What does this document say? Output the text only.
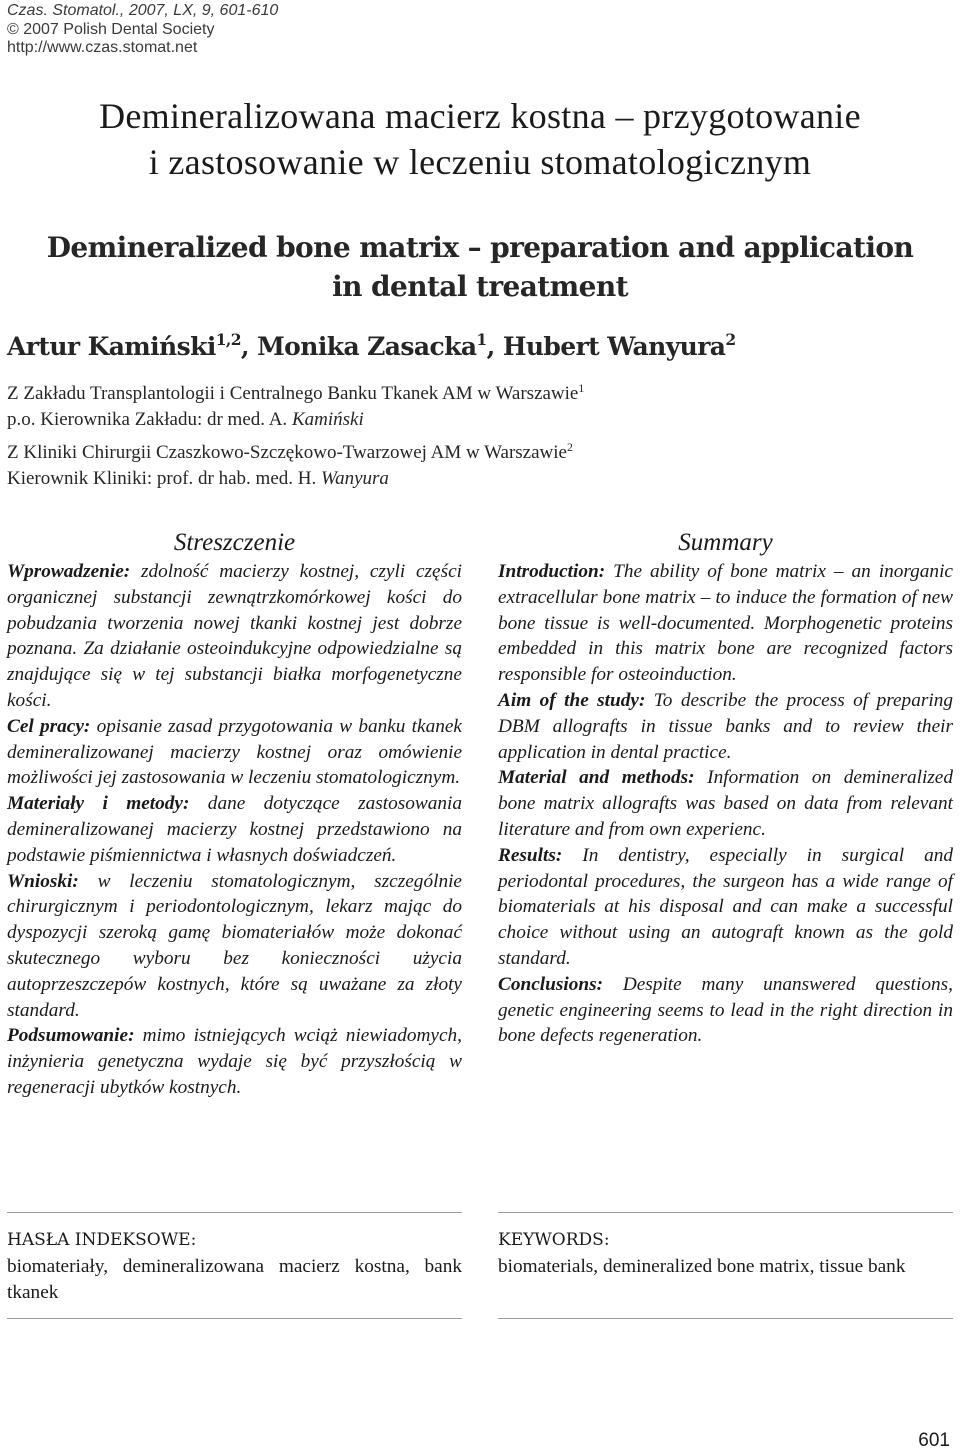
Czas. Stomatol., 2007, LX, 9, 601-610
© 2007 Polish Dental Society
http://www.czas.stomat.net
Demineralizowana macierz kostna – przygotowanie
i zastosowanie w leczeniu stomatologicznym
Demineralized bone matrix – preparation and application
in dental treatment
Artur Kamiński$^{1,2}$, Monika Zasacka$^1$, Hubert Wanyura$^2$
Z Zakładu Transplantologii i Centralnego Banku Tkanek AM w Warszawie$^1$
p.o. Kierownika Zakładu: dr med. A. Kamiński
Z Kliniki Chirurgii Czaszkowo-Szczękowo-Twarzowej AM w Warszawie$^2$
Kierownik Kliniki: prof. dr hab. med. H. Wanyura
Streszczenie

Wprowadzenie: zdolność macierzy kostnej, czyli części organicznej substancji zewnątrzkomórkowej kości do pobudzania tworzenia nowej tkanki kostnej jest dobrze poznana. Za działanie osteoindukcyjne odpowiedzialne są znajdujące się w tej substancji białka morfogenetyczne kości.

Cel pracy: opisanie zasad przygotowania w banku tkanek demineralizowanej macierzy kostnej oraz omówienie możliwości jej zastosowania w leczeniu stomatologicznym.

Materiały i metody: dane dotyczące zastosowania demineralizowanej macierzy kostnej przedstawiono na podstawie piśmiennictwa i własnych doświadczeń.

Wnioski: w leczeniu stomatologicznym, szczególnie chirurgicznym i periodontologicznym, lekarz mając do dyspozycji szeroką gamę biomateriałów może dokonać skutecznego wyboru bez konieczności użycia autoprzeszczepów kostnych, które są uważane za złoty standard.

Podsumowanie: mimo istniejących wciąż niewiadomych, inżynieria genetyczna wydaje się być przyszłością w regeneracji ubytków kostnych.

Summary

Introduction: The ability of bone matrix – an inorganic extracellular bone matrix – to induce the formation of new bone tissue is well-documented. Morphogenetic proteins embedded in this matrix bone are recognized factors responsible for osteoinduction.

Aim of the study: To describe the process of preparing DBM allografts in tissue banks and to review their application in dental practice.

Material and methods: Information on demineralized bone matrix allografts was based on data from relevant literature and from own experienc.

Results: In dentistry, especially in surgical and periodontal procedures, the surgeon has a wide range of biomaterials at his disposal and can make a successful choice without using an autograft known as the gold standard.

Conclusions: Despite many unanswered questions, genetic engineering seems to lead in the right direction in bone defects regeneration.

HASŁA INDEKSOWE:
biomateriały, demineralizowana macierz kostna, bank tkanek
KEYWORDS:
biomaterials, demineralized bone matrix, tissue bank
601
